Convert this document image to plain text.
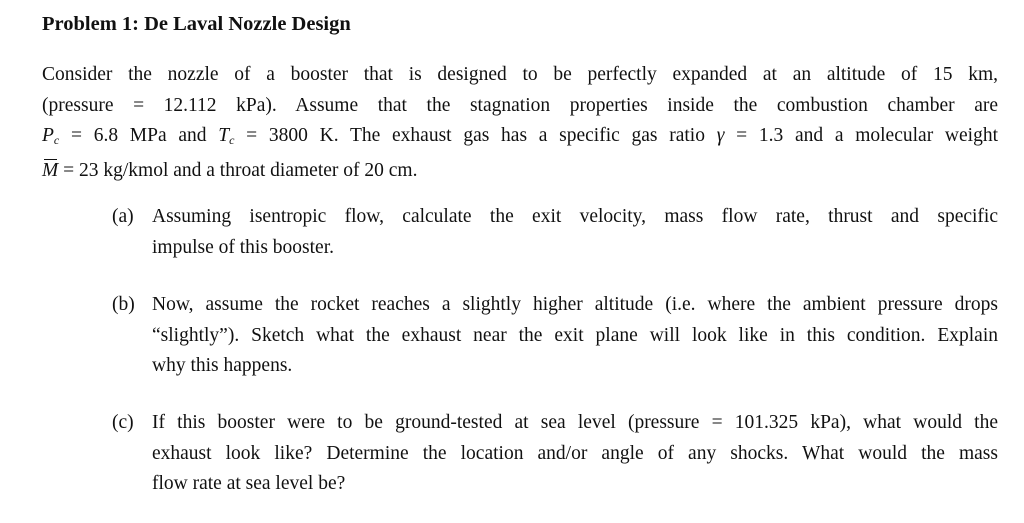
Problem 1: De Laval Nozzle Design
Consider the nozzle of a booster that is designed to be perfectly expanded at an altitude of 15 km,
(pressure = 12.112 kPa). Assume that the stagnation properties inside the combustion chamber are
$P_c = 6.8$ MPa and $T_c = 3800$ K. The exhaust gas has a specific gas ratio γ = 1.3 and a molecular weight
M = 23 kg/kmol and a throat diameter of 20 cm.
(a) Assuming isentropic flow, calculate the exit velocity, mass flow rate, thrust and specific
impulse of this booster.
(b) Now, assume the rocket reaches a slightly higher altitude (i.e. where the ambient pressure drops
“slightly”). Sketch what the exhaust near the exit plane will look like in this condition. Explain
why this happens.
(c) If this booster were to be ground-tested at sea level (pressure = 101.325 kPa), what would the
exhaust look like? Determine the location and/or angle of any shocks. What would the mass
flow rate at sea level be?
